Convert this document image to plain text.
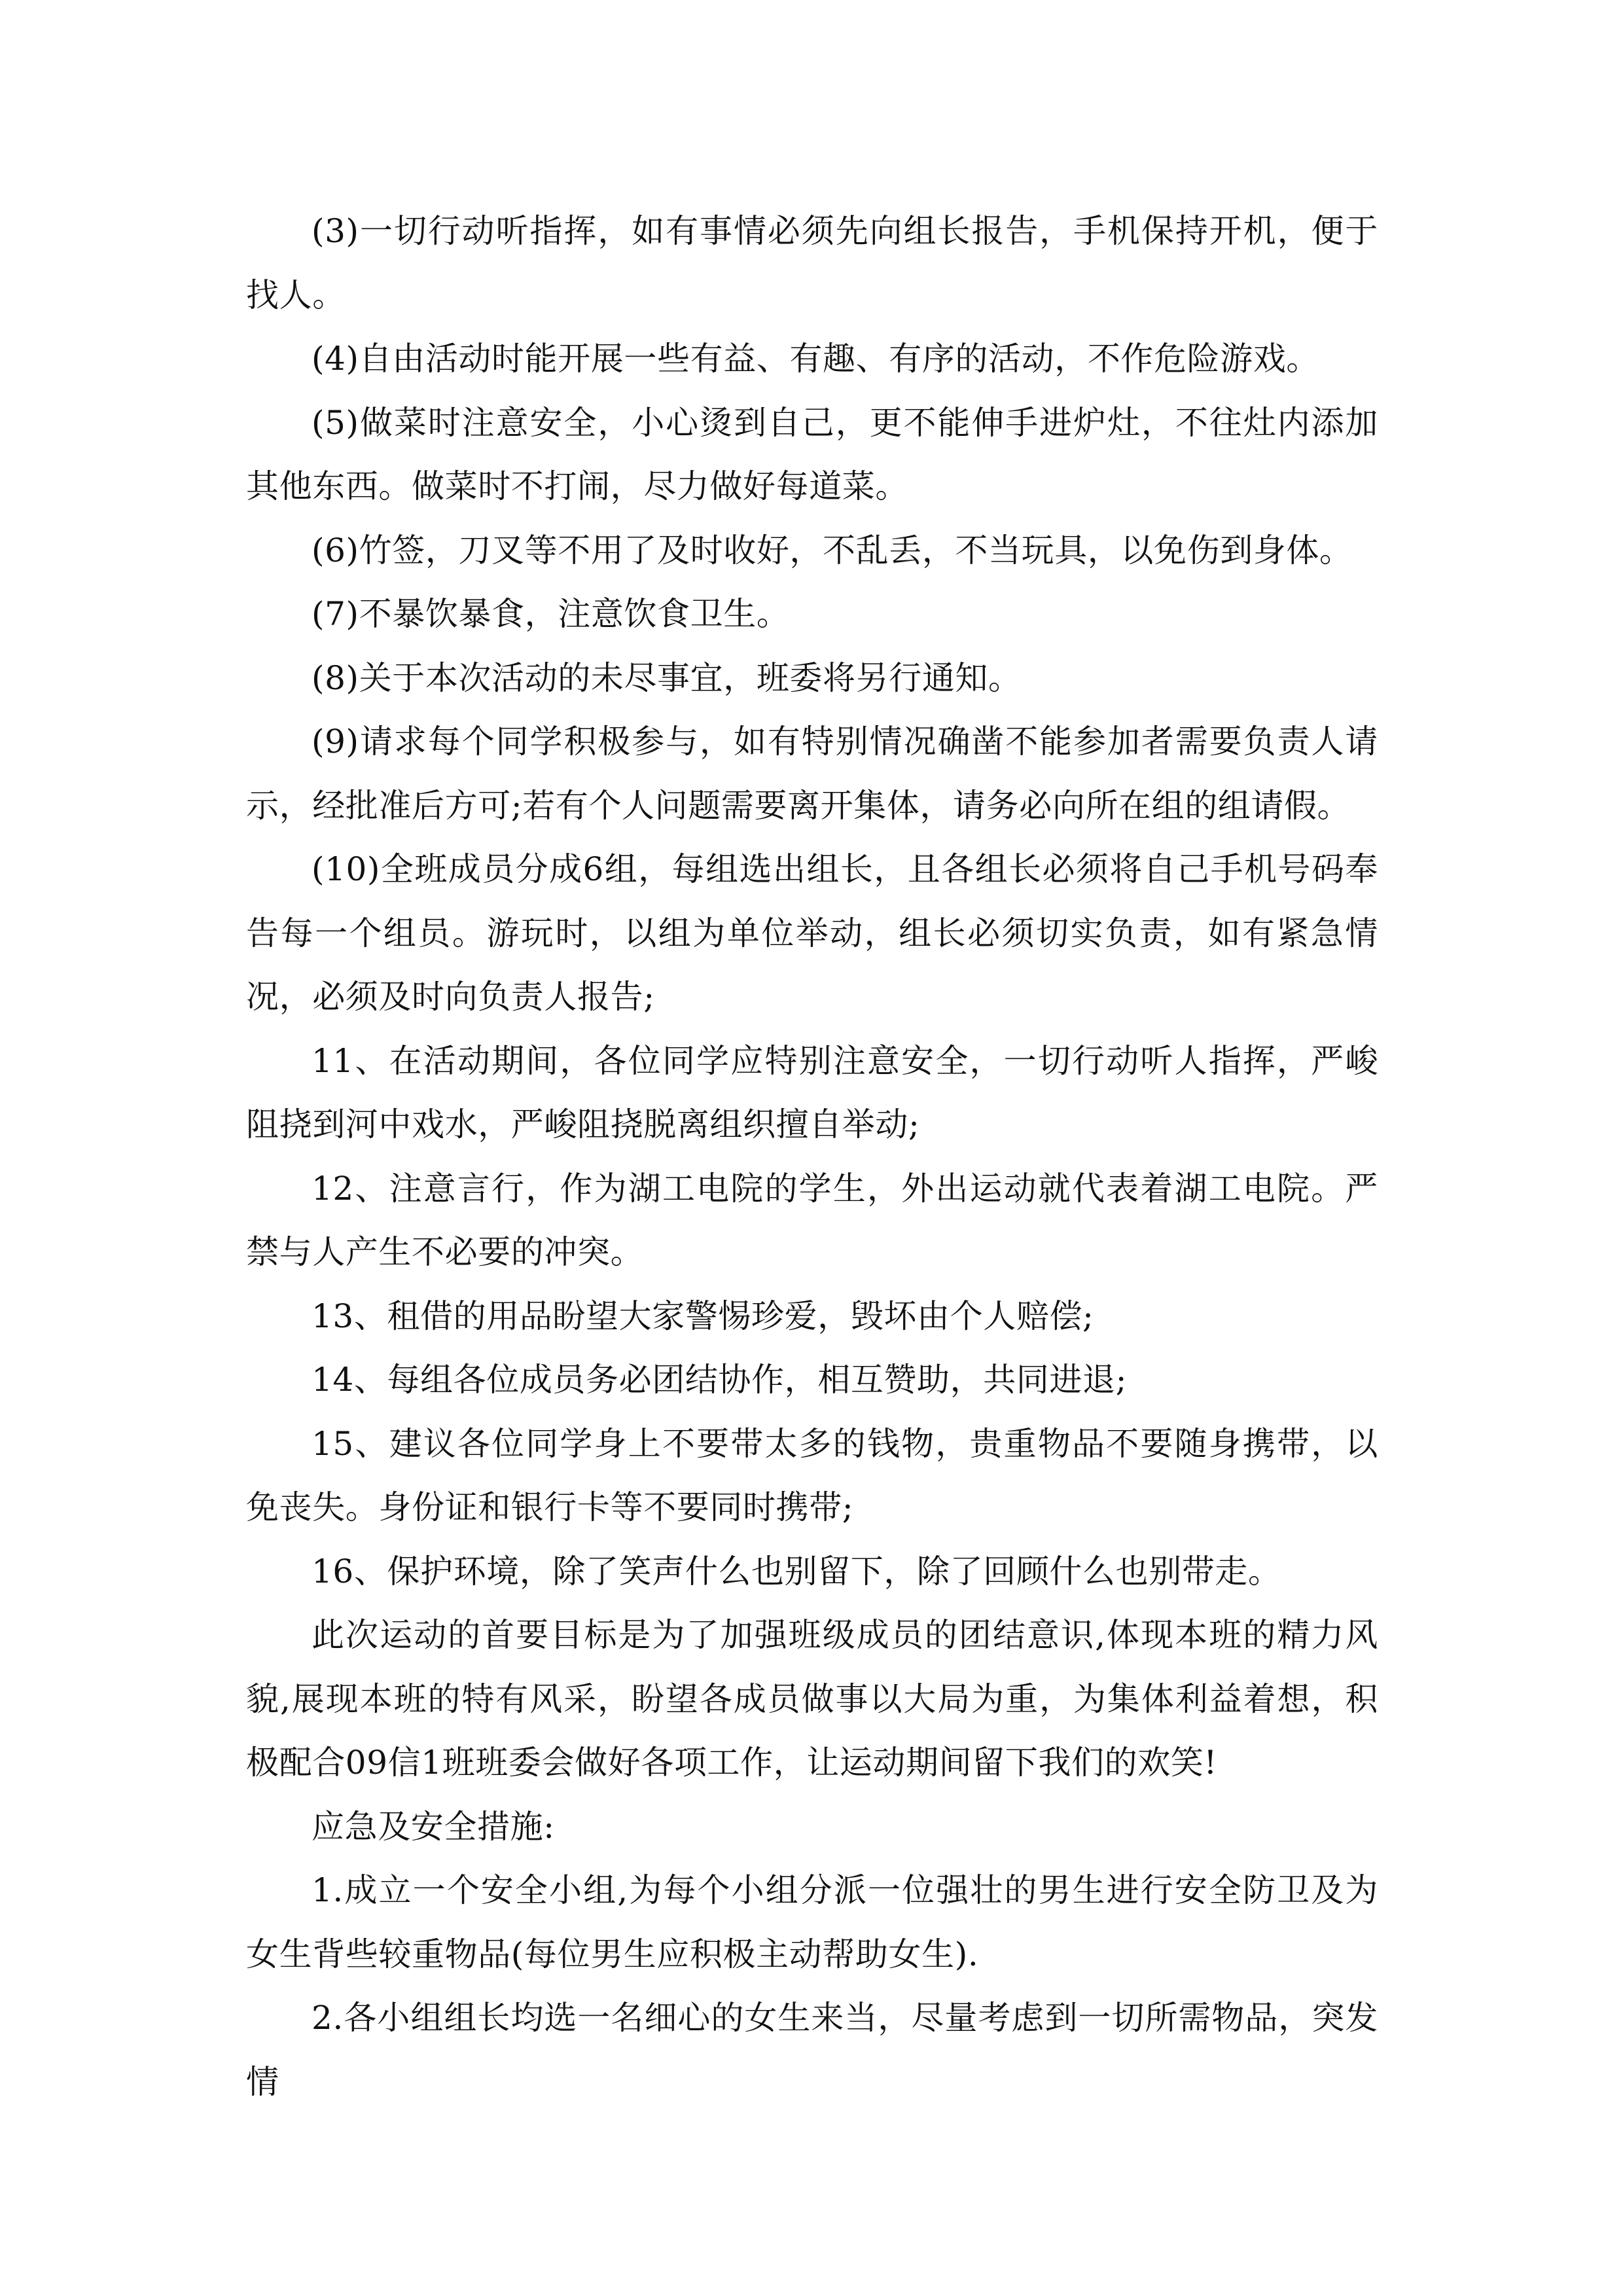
(3)一切行动听指挥，如有事情必须先向组长报告，手机保持开机，便于找人。

(4)自由活动时能开展一些有益、有趣、有序的活动，不作危险游戏。

(5)做菜时注意安全，小心烫到自己，更不能伸手进炉灶，不往灶内添加其他东西。做菜时不打闹，尽力做好每道菜。

(6)竹签，刀叉等不用了及时收好，不乱丢，不当玩具，以免伤到身体。

(7)不暴饮暴食，注意饮食卫生。

(8)关于本次活动的未尽事宜，班委将另行通知。

(9)请求每个同学积极参与，如有特别情况确凿不能参加者需要负责人请示，经批准后方可;若有个人问题需要离开集体，请务必向所在组的组请假。

(10)全班成员分成6组，每组选出组长，且各组长必须将自己手机号码奉告每一个组员。游玩时，以组为单位举动，组长必须切实负责，如有紧急情况，必须及时向负责人报告;

11、在活动期间，各位同学应特别注意安全，一切行动听人指挥，严峻阻挠到河中戏水，严峻阻挠脱离组织擅自举动;

12、注意言行，作为湖工电院的学生，外出运动就代表着湖工电院。严禁与人产生不必要的冲突。

13、租借的用品盼望大家警惕珍爱，毁坏由个人赔偿;

14、每组各位成员务必团结协作，相互赞助，共同进退;

15、建议各位同学身上不要带太多的钱物，贵重物品不要随身携带，以免丧失。身份证和银行卡等不要同时携带;

16、保护环境，除了笑声什么也别留下，除了回顾什么也别带走。

此次运动的首要目标是为了加强班级成员的团结意识,体现本班的精力风貌,展现本班的特有风采，盼望各成员做事以大局为重，为集体利益着想，积极配合09信1班班委会做好各项工作，让运动期间留下我们的欢笑!

应急及安全措施:

1.成立一个安全小组,为每个小组分派一位强壮的男生进行安全防卫及为女生背些较重物品(每位男生应积极主动帮助女生).

2.各小组组长均选一名细心的女生来当，尽量考虑到一切所需物品，突发情
